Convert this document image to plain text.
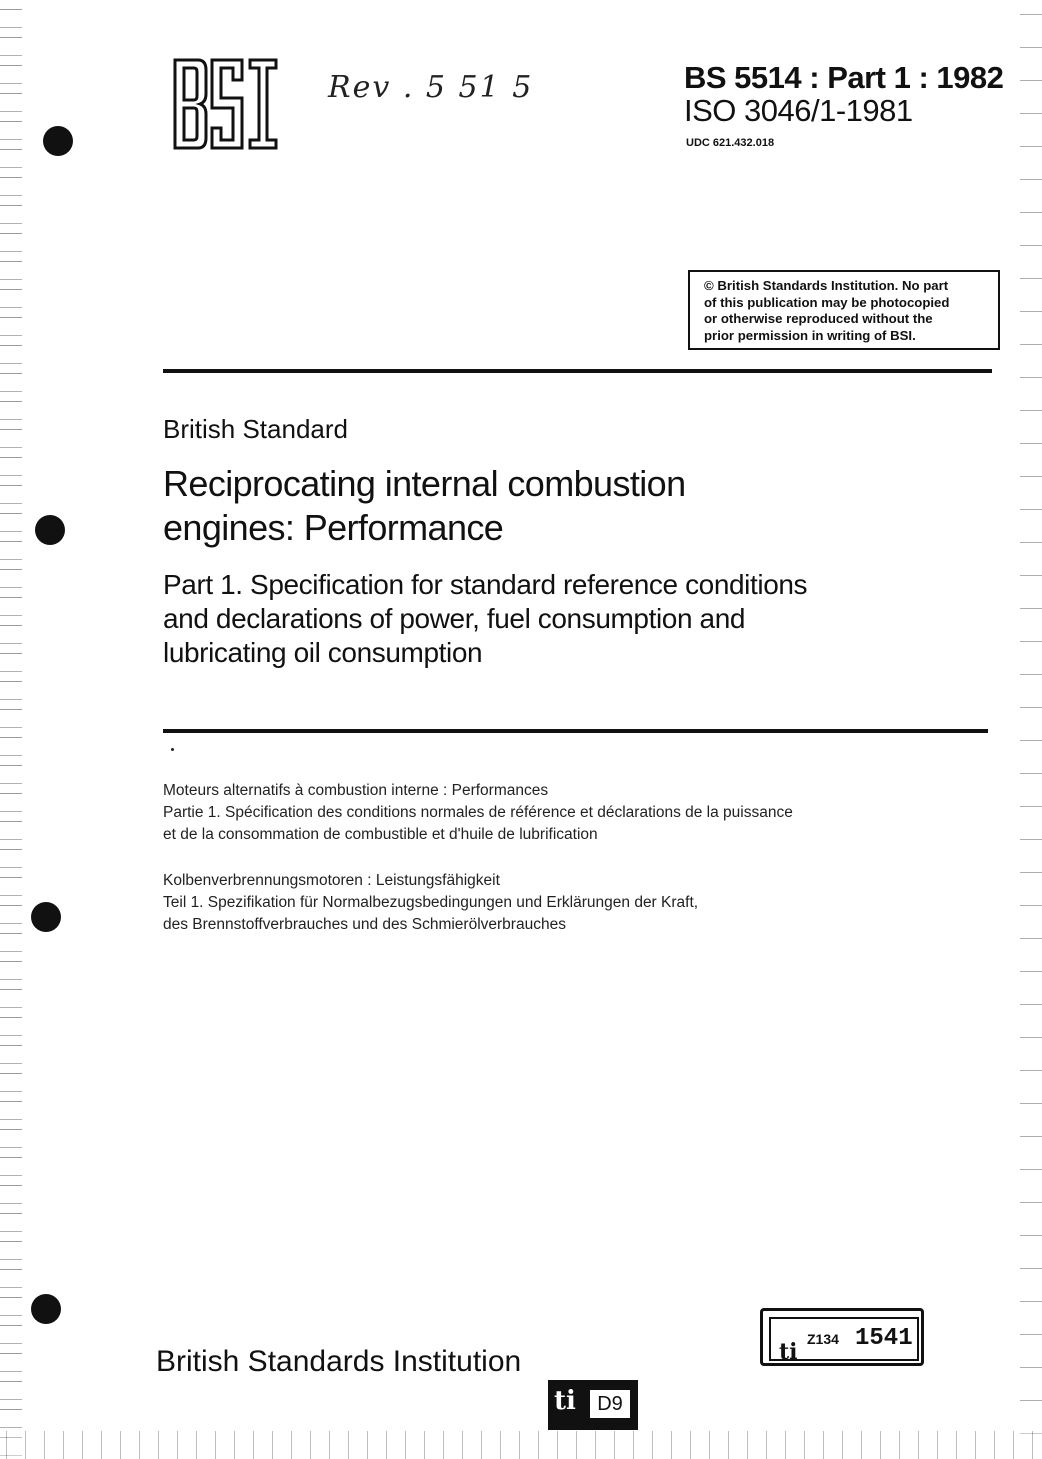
Rev . 5 51 5	BS 5514 : Part 1 : 1982
ISO 3046/1-1981
UDC 621.432.018
© British Standards Institution. No part
of this publication may be photocopied
or otherwise reproduced without the
prior permission in writing of BSI.
British Standard
Reciprocating internal combustion
engines: Performance
Part 1. Specification for standard reference conditions
and declarations of power, fuel consumption and
lubricating oil consumption
Moteurs alternatifs à combustion interne : Performances
Partie 1. Spécification des conditions normales de référence et déclarations de la puissance
et de la consommation de combustible et d'huile de lubrification
Kolbenverbrennungsmotoren : Leistungsfähigkeit
Teil 1. Spezifikation für Normalbezugsbedingungen und Erklärungen der Kraft,
des Brennstoffverbrauches und des Schmierölverbrauches
ti Z134 1541
British Standards Institution
ti	D9
